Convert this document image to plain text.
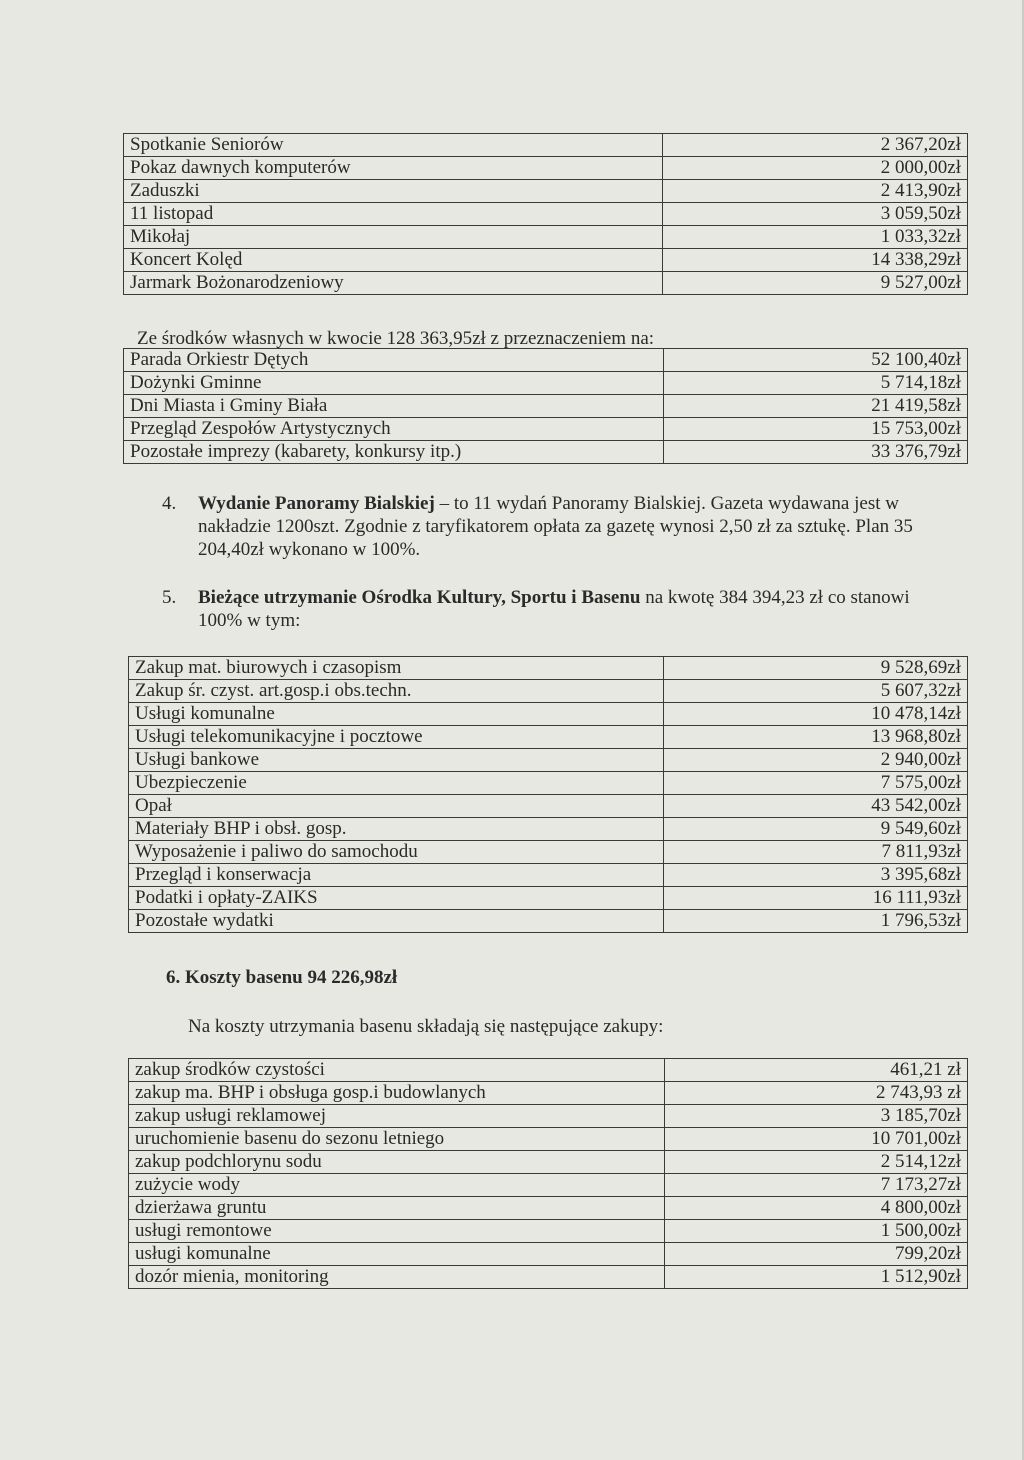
Spotkanie Seniorów	2 367,20zł
Pokaz dawnych komputerów	2 000,00zł
Zaduszki	2 413,90zł
11 listopad	3 059,50zł
Mikołaj	1 033,32zł
Koncert Kolęd	14 338,29zł
Jarmark Bożonarodzeniowy	9 527,00zł
Ze środków własnych w kwocie 128 363,95zł z przeznaczeniem na:
Parada Orkiestr Dętych	52 100,40zł
Dożynki Gminne	5 714,18zł
Dni Miasta i Gminy Biała	21 419,58zł
Przegląd Zespołów Artystycznych	15 753,00zł
Pozostałe imprezy (kabarety, konkursy itp.)	33 376,79zł
4. Wydanie Panoramy Bialskiej – to 11 wydań Panoramy Bialskiej. Gazeta wydawana jest w nakładzie 1200szt. Zgodnie z taryfikatorem opłata za gazetę wynosi 2,50 zł za sztukę. Plan 35 204,40zł wykonano w 100%.
5. Bieżące utrzymanie Ośrodka Kultury, Sportu i Basenu na kwotę 384 394,23 zł co stanowi 100% w tym:
Zakup mat. biurowych i czasopism	9 528,69zł
Zakup śr. czyst. art.gosp.i obs.techn.	5 607,32zł
Usługi komunalne	10 478,14zł
Usługi telekomunikacyjne i pocztowe	13 968,80zł
Usługi bankowe	2 940,00zł
Ubezpieczenie	7 575,00zł
Opał	43 542,00zł
Materiały BHP i obsł. gosp.	9 549,60zł
Wyposażenie i paliwo do samochodu	7 811,93zł
Przegląd i konserwacja	3 395,68zł
Podatki i opłaty-ZAIKS	16 111,93zł
Pozostałe wydatki	1 796,53zł
6. Koszty basenu 94 226,98zł
Na koszty utrzymania basenu składają się następujące zakupy:
zakup środków czystości	461,21 zł
zakup ma. BHP i obsługa gosp.i budowlanych	2 743,93 zł
zakup usługi reklamowej	3 185,70zł
uruchomienie basenu do sezonu letniego	10 701,00zł
zakup podchlorynu sodu	2 514,12zł
zużycie wody	7 173,27zł
dzierżawa gruntu	4 800,00zł
usługi remontowe	1 500,00zł
usługi komunalne	799,20zł
dozór mienia, monitoring	1 512,90zł
